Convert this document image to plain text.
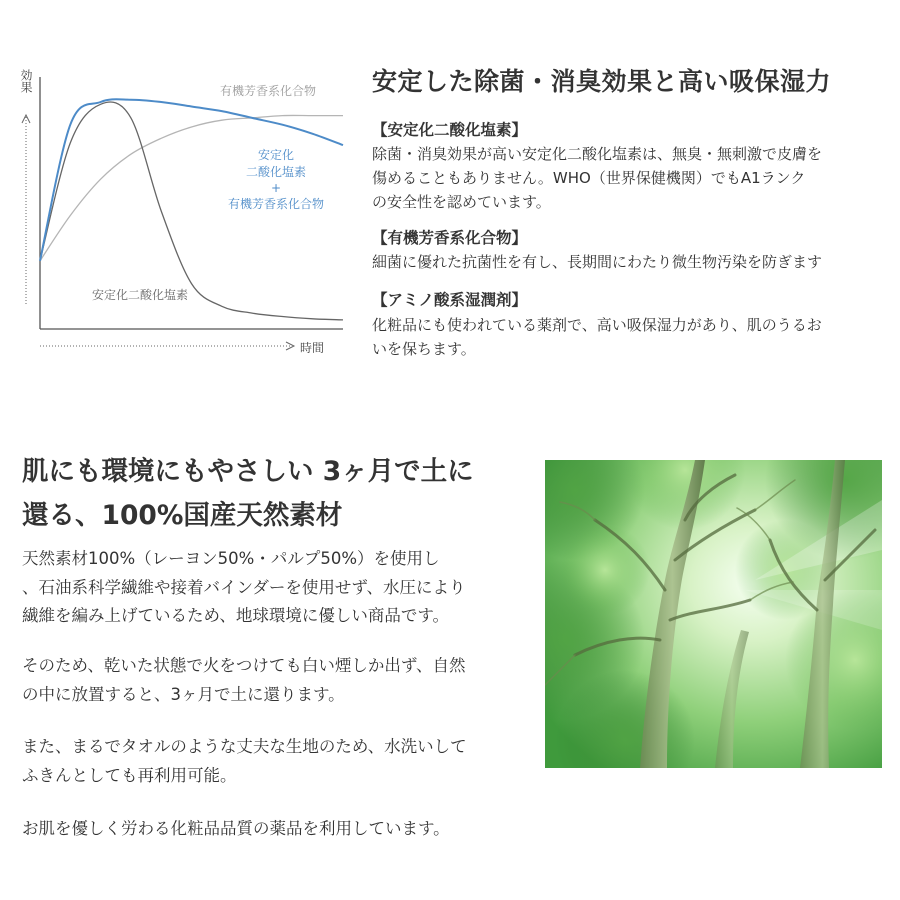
効果
時間
有機芳香系化合物
安定化二酸化塩素
安定化
二酸化塩素
+
有機芳香系化合物
安定した除菌・消臭効果と高い吸保湿力
【安定化二酸化塩素】
除菌・消臭効果が高い安定化二酸化塩素は、無臭・無刺激で皮膚を
傷めることもありません。WHO（世界保健機関）でもA1ランク
の安全性を認めています。
【有機芳香系化合物】
細菌に優れた抗菌性を有し、長期間にわたり微生物汚染を防ぎます
【アミノ酸系湿潤剤】
化粧品にも使われている薬剤で、高い吸保湿力があり、肌のうるお
いを保ちます。
肌にも環境にもやさしい 3ヶ月で土に
還る、100%国産天然素材
天然素材100%（レーヨン50%・パルプ50%）を使用し
、石油系科学繊維や接着バインダーを使用せず、水圧により
繊維を編み上げているため、地球環境に優しい商品です。
そのため、乾いた状態で火をつけても白い煙しか出ず、自然
の中に放置すると、3ヶ月で土に還ります。
また、まるでタオルのような丈夫な生地のため、水洗いして
ふきんとしても再利用可能。
お肌を優しく労わる化粧品品質の薬品を利用しています。
